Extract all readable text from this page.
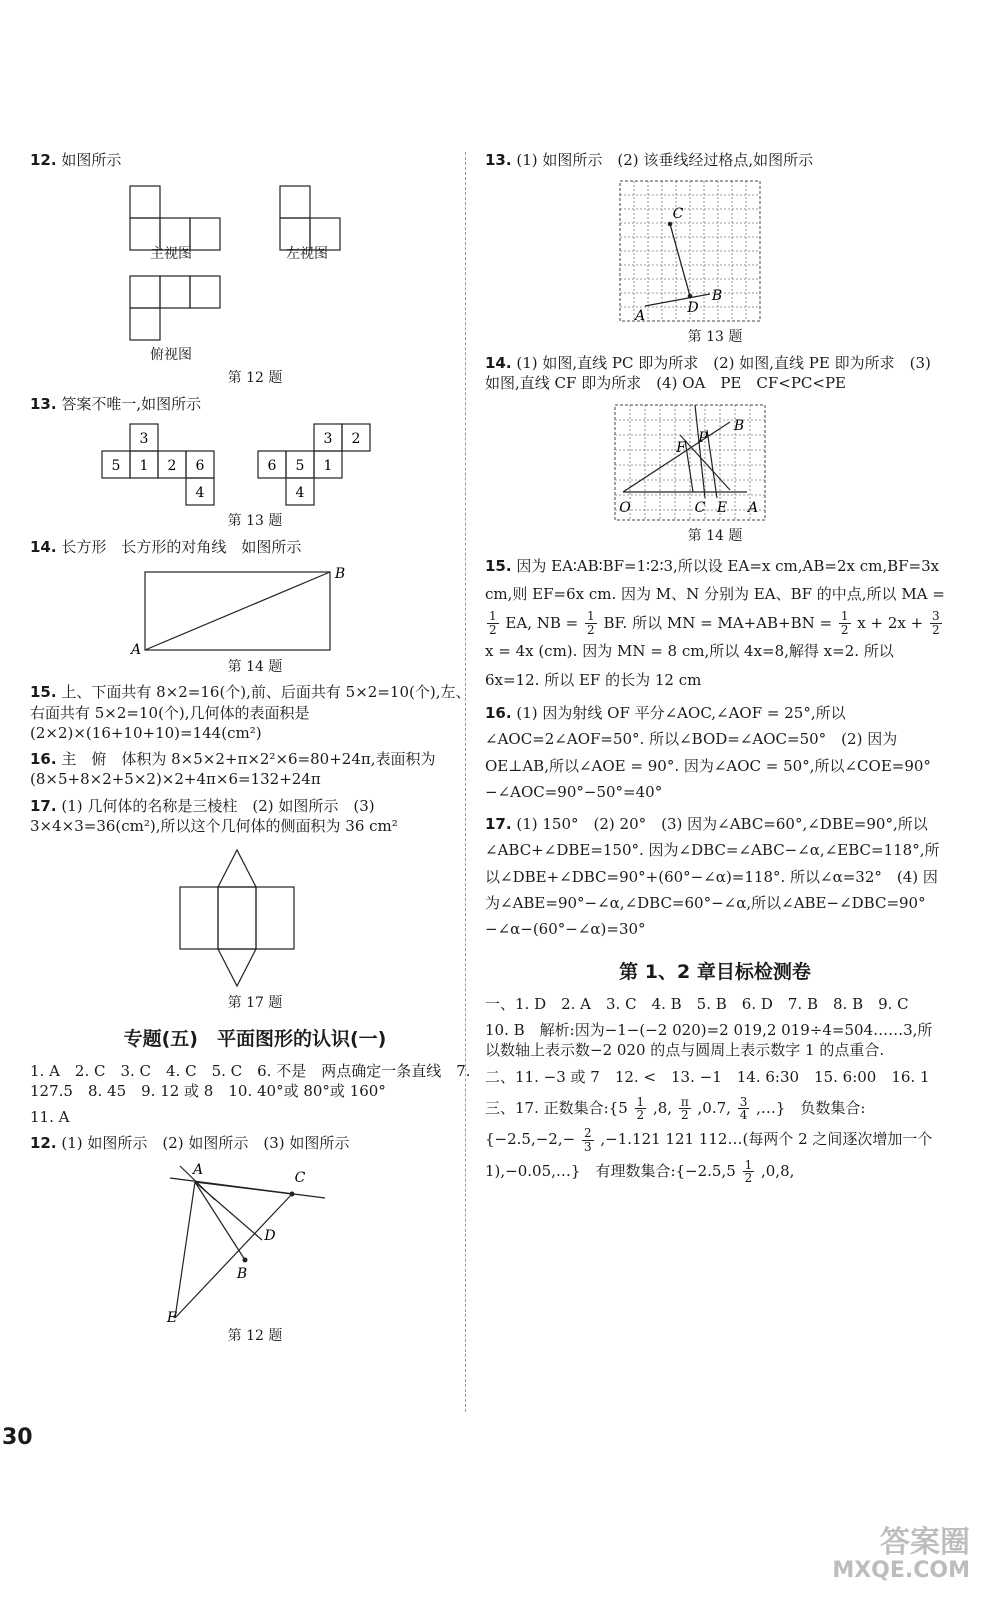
12. 如图所示
主视图	左视图
俯视图
第 12 题
13. 答案不唯一,如图所示
3
5 1 2 6
4
3 2
6 5 1
4
第 13 题
14. 长方形　长方形的对角线　如图所示
A
B
第 14 题
15. 上、下面共有 8×2=16(个),前、后面共有 5×2=10(个),左、右面共有 5×2=10(个),几何体的表面积是(2×2)×(16+10+10)=144(cm²)
16. 主　俯　体积为 8×5×2+π×2²×6=80+24π,表面积为(8×5+8×2+5×2)×2+4π×6=132+24π
17. (1) 几何体的名称是三棱柱　(2) 如图所示　(3) 3×4×3=36(cm²),所以这个几何体的侧面积为 36 cm²
第 17 题
专题(五)　平面图形的认识(一)
1. A　2. C　3. C　4. C　5. C　6. 不是　两点确定一条直线　7. 127.5　8. 45　9. 12 或 8　10. 40°或 80°或 160°
11. A
12. (1) 如图所示　(2) 如图所示　(3) 如图所示
A	C
D
B
E
第 12 题
13. (1) 如图所示　(2) 该垂线经过格点,如图所示
C
A	D
B
第 13 题
14. (1) 如图,直线 PC 即为所求　(2) 如图,直线 PE 即为所求　(3) 如图,直线 CF 即为所求　(4) OA　PE　CF<PC<PE
O
B
F
P
C E A
第 14 题
15. 因为 EA∶AB∶BF=1∶2∶3,所以设 EA=x cm,AB=2x cm,BF=3x cm,则 EF=6x cm. 因为 M、N 分别为 EA、BF 的中点,所以 MA =
$\frac{1}{2}$ EA, NB = $\frac{1}{2}$ BF. 所以 MN = $MA+AB+BN = \frac{1}{2}$ $x + 2x + \frac{3}{2}$
x = 4x (cm). 因为 MN = 8 cm,所以 4x=8,解得 x=2. 所以 6x=12. 所以 EF 的长为 12 cm
16. (1) 因为射线 OF 平分∠AOC,∠AOF = 25°,所以∠AOC=2∠AOF=50°. 所以∠BOD=∠AOC=50°　(2) 因为 OE⊥AB,所以∠AOE = 90°. 因为∠AOC = 50°,所以∠COE=90°−∠AOC=90°−50°=40°
17. (1) 150°　(2) 20°　(3) 因为∠ABC=60°,∠DBE=90°,所以∠ABC+∠DBE=150°. 因为∠DBC=∠ABC−∠α,∠EBC=118°,所以∠DBE+∠DBC=90°+(60°−∠α)=118°. 所以∠α=32°　(4) 因为∠ABE=90°−∠α,∠DBC=60°−∠α,所以∠ABE−∠DBC=90°−∠α−(60°−∠α)=30°
第 1、2 章目标检测卷
一、1. D　2. A　3. C　4. B　5. B　6. D　7. B　8. B　9. C
10. B　解析:因为−1−(−2 020)=2 019,2 019÷4=504……3,所以数轴上表示数−2 020 的点与圆周上表示数字 1 的点重合.
二、11. −3 或 7　12. <　13. −1　14. 6:30　15. 6:00　16. 1
三、17. 正数集合:{5 $\frac{1}{2} ,8$, $\frac{\pi}{2} ,0.7$, $\frac{3}{4}$ ,…}　负数集合:{−2.5,−2,− $\frac{2}{3} ,-1.121$ 121 112…(每两个 2 之间逐次增加一个 1),−0.05,…}　有理数集合:{−2.5,5 $\frac{1}{2} ,0,8$,
30
答案圈
MXQE.COM
